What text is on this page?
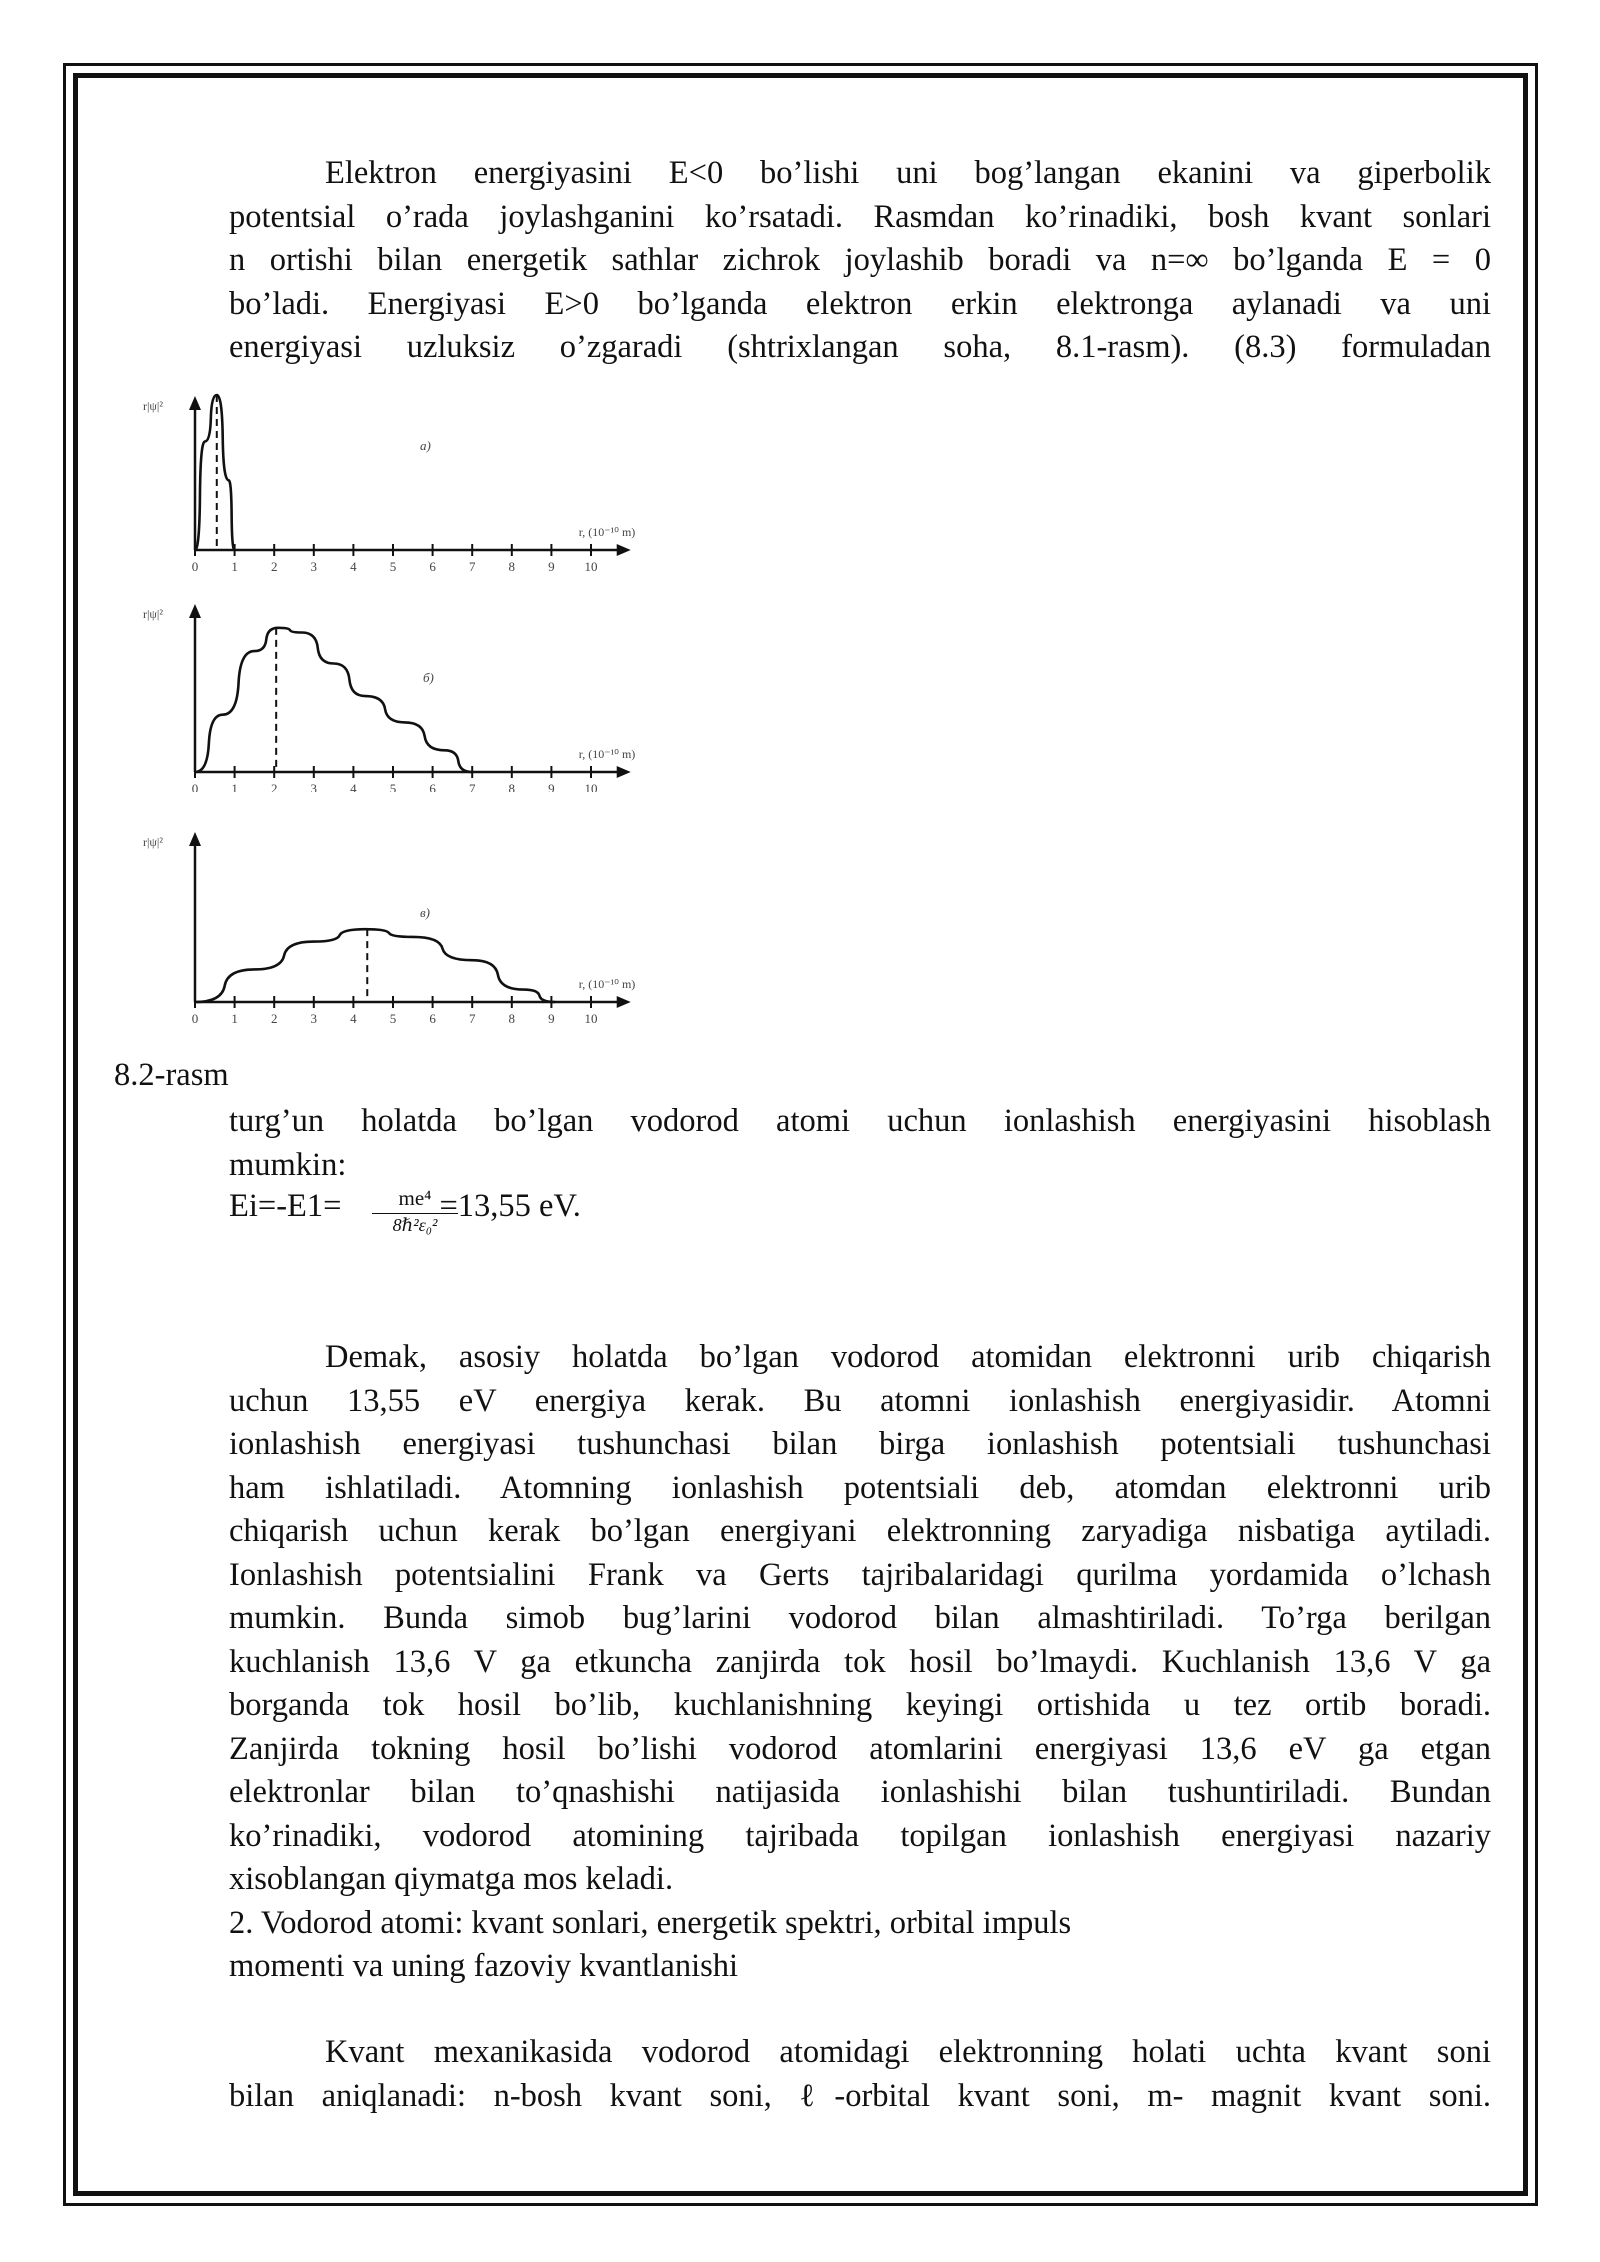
Elektron energiyasini E<0 bo’lishi uni bog’langan ekanini va giperbolik
potentsial o’rada joylashganini ko’rsatadi. Rasmdan ko’rinadiki, bosh kvant sonlari
n ortishi bilan energetik sathlar zichrok joylashib boradi va n=∞ bo’lganda E = 0
bo’ladi. Energiyasi E>0 bo’lganda elektron erkin elektronga aylanadi va uni
energiyasi uzluksiz o’zgaradi (shtrixlangan soha, 8.1-rasm). (8.3) formuladan
0	1	2	3	4	5	6	7	8	9 10
r|ψ|²
r, (10⁻¹⁰ m)
a)
0	1	2	3	4	5	6	7	8	9 10
r|ψ|²
r, (10⁻¹⁰ m)
б)
0	1	2	3	4	5	6	7	8	9 10
r|ψ|²
r, (10⁻¹⁰ m)
в)
8.2-rasm
turg’un holatda bo’lgan vodorod atomi uchun ionlashish energiyasini hisoblash
mumkin:
me⁴
8ℏ²ε₀²
Ei=-E1=	=13,55 eV.
Demak, asosiy holatda bo’lgan vodorod atomidan elektronni urib chiqarish
uchun 13,55 eV energiya kerak. Bu atomni ionlashish energiyasidir. Atomni
ionlashish energiyasi tushunchasi bilan birga ionlashish potentsiali tushunchasi
ham ishlatiladi. Atomning ionlashish potentsiali deb, atomdan elektronni urib
chiqarish uchun kerak bo’lgan energiyani elektronning zaryadiga nisbatiga aytiladi.
Ionlashish potentsialini Frank va Gerts tajribalaridagi qurilma yordamida o’lchash
mumkin. Bunda simob bug’larini vodorod bilan almashtiriladi. To’rga berilgan
kuchlanish 13,6 V ga etkuncha zanjirda tok hosil bo’lmaydi. Kuchlanish 13,6 V ga
borganda tok hosil bo’lib, kuchlanishning keyingi ortishida u tez ortib boradi.
Zanjirda tokning hosil bo’lishi vodorod atomlarini energiyasi 13,6 eV ga etgan
elektronlar bilan to’qnashishi natijasida ionlashishi bilan tushuntiriladi. Bundan
ko’rinadiki, vodorod atomining tajribada topilgan ionlashish energiyasi nazariy
xisoblangan qiymatga mos keladi.
2. Vodorod atomi: kvant sonlari, energetik spektri, orbital impuls
momenti va uning fazoviy kvantlanishi
Kvant mexanikasida vodorod atomidagi elektronning holati uchta kvant soni
bilan aniqlanadi: n-bosh kvant soni, ℓ-orbital kvant soni, m- magnit kvant soni.
